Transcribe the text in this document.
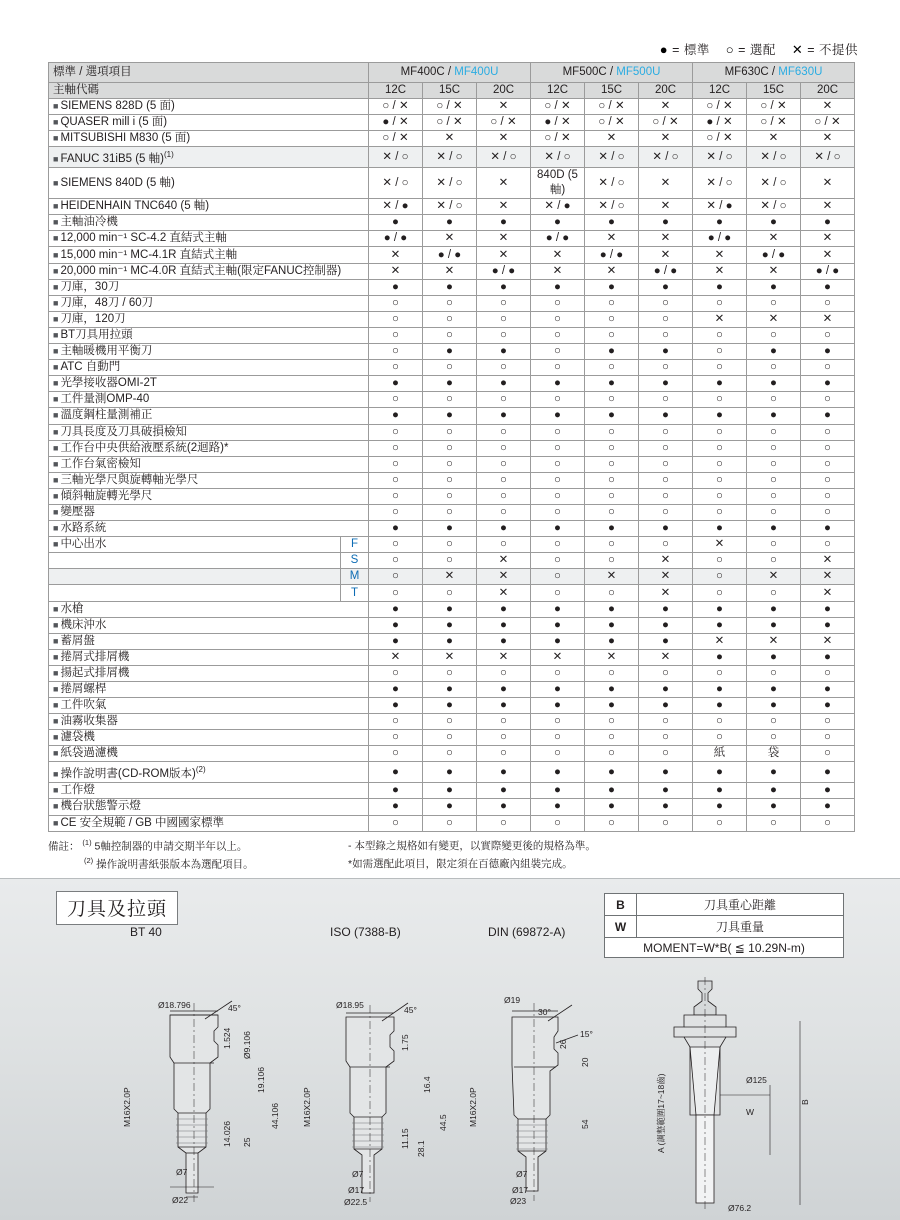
● = 標準 ○ = 選配 ✕ = 不提供
標準 / 選項項目		MF400C / MF400U			MF500C / MF500U			MF630C / MF630U		
主軸代碼		12C	15C	20C	12C	15C	20C	12C	15C	20C
■ SIEMENS 828D (5 面)		○ / ✕	○ / ✕	✕	○ / ✕	○ / ✕	✕	○ / ✕	○ / ✕	✕
■ QUASER mill i (5 面)		● / ✕	○ / ✕	○ / ✕	● / ✕	○ / ✕	○ / ✕	● / ✕	○ / ✕	○ / ✕
■ MITSUBISHI M830 (5 面)		○ / ✕	✕	✕	○ / ✕	✕	✕	○ / ✕	✕	✕
■ FANUC 31iB5 (5 軸)$^{(1)}$		✕ / ○	✕ / ○	✕ / ○	✕ / ○	✕ / ○	✕ / ○	✕ / ○	✕ / ○	✕ / ○
■ SIEMENS 840D (5 軸)		✕ / ○	✕ / ○	✕	840D (5 軸)	✕ / ○	✕	✕ / ○	✕ / ○	✕
■ HEIDENHAIN TNC640 (5 軸)		✕ / ●	✕ / ○	✕	✕ / ●	✕ / ○	✕	✕ / ●	✕ / ○	✕
■ 主軸油冷機		●	●	●	●	●	●	●	●	●
■ 12,000 min⁻¹ SC-4.2 直結式主軸		● / ●	✕	✕	● / ●	✕	✕	● / ●	✕	✕
■ 15,000 min⁻¹ MC-4.1R 直結式主軸		✕	● / ●	✕	✕	● / ●	✕	✕	● / ●	✕
■ 20,000 min⁻¹ MC-4.0R 直結式主軸(限定FANUC控制器)		✕	✕	● / ●	✕	✕	● / ●	✕	✕	● / ●
■ 刀庫，30刀		●	●	●	●	●	●	●	●	●
■ 刀庫，48刀 / 60刀		○	○	○	○	○	○	○	○	○
■ 刀庫，120刀		○	○	○	○	○	○	✕	✕	✕
■ BT刀具用拉頭		○	○	○	○	○	○	○	○	○
■ 主軸暖機用平衡刀		○	●	●	○	●	●	○	●	●
■ ATC 自動門		○	○	○	○	○	○	○	○	○
■ 光學接收器OMI-2T		●	●	●	●	●	●	●	●	●
■ 工件量測OMP-40		○	○	○	○	○	○	○	○	○
■ 溫度鋼柱量測補正		●	●	●	●	●	●	●	●	●
■ 刀具長度及刀具破損檢知		○	○	○	○	○	○	○	○	○
■ 工作台中央供給液壓系統(2迴路)*		○	○	○	○	○	○	○	○	○
■ 工作台氣密檢知		○	○	○	○	○	○	○	○	○
■ 三軸光學尺與旋轉軸光學尺		○	○	○	○	○	○	○	○	○
■ 傾斜軸旋轉光學尺		○	○	○	○	○	○	○	○	○
■ 變壓器		○	○	○	○	○	○	○	○	○
■ 水路系統		●	●	●	●	●	●	●	●	●
■ 中心出水	F	○	○	○	○	○	○	✕	○	○
	S	○	○	✕	○	○	✕	○	○	✕
	M	○	✕	✕	○	✕	✕	○	✕	✕
	T	○	○	✕	○	○	✕	○	○	✕
■ 水槍		●	●	●	●	●	●	●	●	●
■ 機床沖水		●	●	●	●	●	●	●	●	●
■ 蓄屑盤		●	●	●	●	●	●	✕	✕	✕
■ 捲屑式排屑機		✕	✕	✕	✕	✕	✕	●	●	●
■ 揚起式排屑機		○	○	○	○	○	○	○	○	○
■ 捲屑螺桿		●	●	●	●	●	●	●	●	●
■ 工件吹氣		●	●	●	●	●	●	●	●	●
■ 油霧收集器		○	○	○	○	○	○	○	○	○
■ 濾袋機		○	○	○	○	○	○	○	○	○
■ 紙袋過濾機		○	○	○	○	○	○	紙	袋	○
■ 操作說明書(CD-ROM版本)$^{(2)}$		●	●	●	●	●	●	●	●	●
■ 工作燈		●	●	●	●	●	●	●	●	●
■ 機台狀態警示燈		●	●	●	●	●	●	●	●	●
■ CE 安全規範 / GB 中國國家標準		○	○	○	○	○	○	○	○	○
備註： $^{(1)}$ 5軸控制器的申請交期半年以上。	- 本型錄之規格如有變更，以實際變更後的規格為準。
$^{(2)}$ 操作說明書紙張版本為選配項目。	*如需選配此項目，限定須在百德廠內組裝完成。
刀具及拉頭
BT 40	ISO (7388-B)	DIN (69872-A)
B	刀具重心距離
W	刀具重量
MOMENT=W*B( ≦ 10.29N-m)	
Ø18.796	45°
1.524 Ø9.106
19.106
14.026 25
44.106
M16X2.0P
Ø7
Ø22
Ø18.95	45°
1.75
16.4
11.15 28.1
44.5
M16X2.0P
Ø7
Ø17
Ø22.5
Ø19
30°
15°
26
20
54
M16X2.0P
Ø7
Ø17
Ø23
Ø125
B
W
A (調整範圍17~18齒)
Ø76.2
